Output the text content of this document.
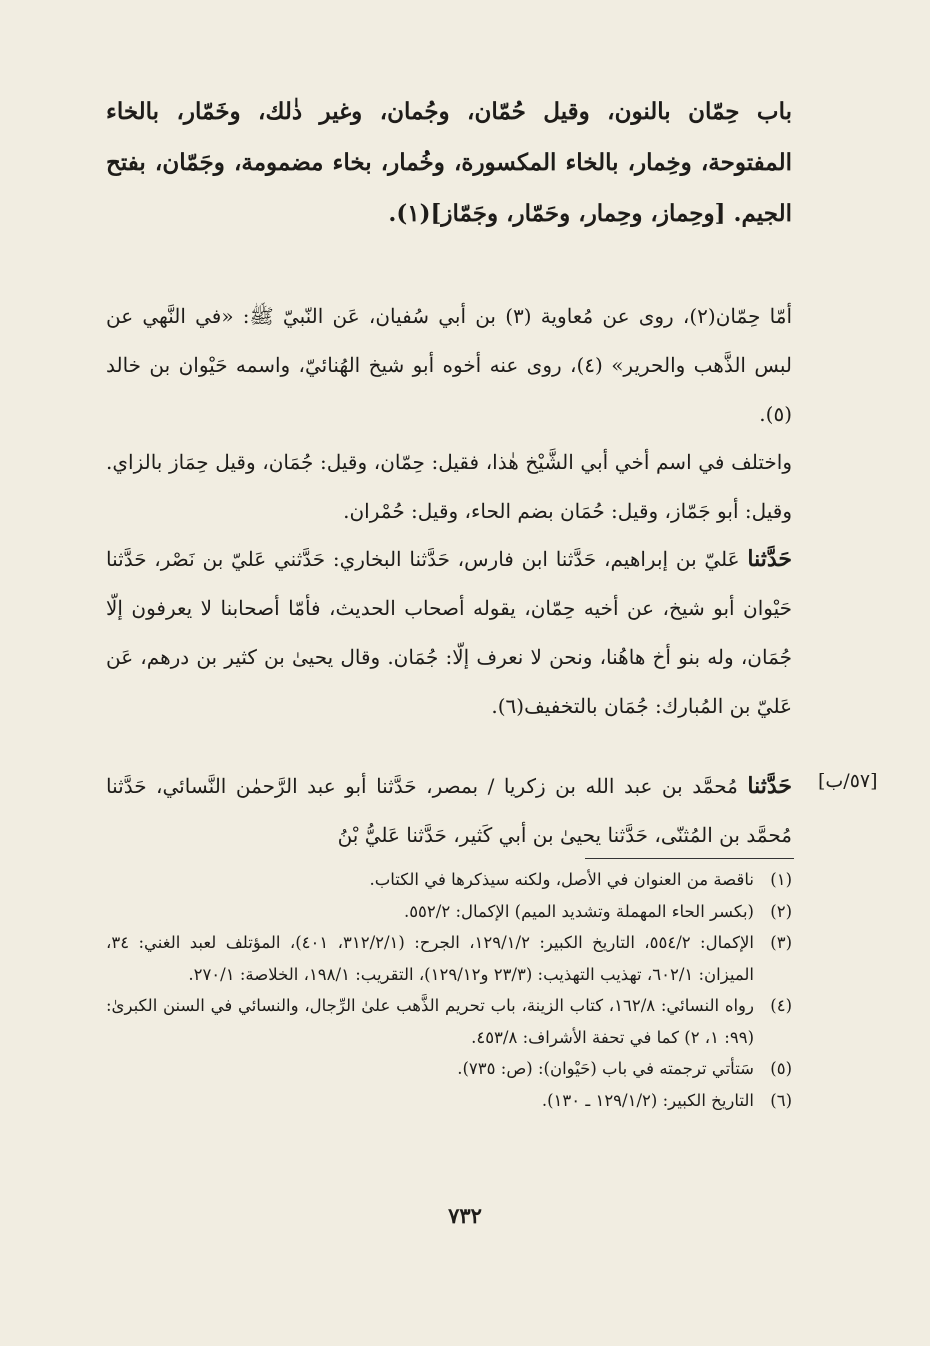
باب حِمّان بالنون، وقيل حُمّان، وجُمان، وغير ذٰلك، وخَمّار، بالخاء المفتوحة، وخِمار، بالخاء المكسورة، وخُمار، بخاء مضمومة، وجَمّان، بفتح الجيم. [وحِماز، وحِمار، وحَمّار، وجَمّاز](١).
أمّا حِمّان(٢)، روى عن مُعاوية (٣) بن أبي سُفيان، عَن النّبيّ ﷺ: «في النَّهي عن لبس الذَّهب والحرير» (٤)، روى عنه أخوه أبو شيخ الهُنائيّ، واسمه حَيْوان بن خالد (٥).
واختلف في اسم أخي أبي الشَّيْخ هٰذا، فقيل: حِمّان، وقيل: جُمَان، وقيل حِمَاز بالزاي. وقيل: أبو جَمّاز، وقيل: حُمَان بضم الحاء، وقيل: حُمْران.
حَدَّثنا عَليّ بن إبراهيم، حَدَّثنا ابن فارس، حَدَّثنا البخاري: حَدَّثني عَليّ بن نَصْر، حَدَّثنا حَيْوان أبو شيخ، عن أخيه حِمّان، يقوله أصحاب الحديث، فأمّا أصحابنا لا يعرفون إلّا جُمَان، وله بنو أخ هاهُنا، ونحن لا نعرف إلّا: جُمَان. وقال يحيىٰ بن كثير بن درهم، عَن عَليّ بن المُبارك: جُمَان بالتخفيف(٦).
حَدَّثنا مُحمَّد بن عبد الله بن زكريا / بمصر، حَدَّثنا أبو عبد الرَّحمٰن النَّسائي، حَدَّثنا مُحمَّد بن المُثنّى، حَدَّثنا يحيىٰ بن أبي كَثير، حَدَّثنا عَليُّ بْنُ
[٥٧/ب]
(١)
ناقصة من العنوان في الأصل، ولكنه سيذكرها في الكتاب.
(٢)
(بكسر الحاء المهملة وتشديد الميم) الإكمال: ٥٥٢/٢.
(٣)
الإكمال: ٥٥٤/٢، التاريخ الكبير: ١٢٩/١/٢، الجرح: (٣١٢/٢/١، ٤٠١)، المؤتلف لعبد الغني: ٣٤، الميزان: ٦٠٢/١، تهذيب التهذيب: (٢٣/٣ و١٢٩/١٢)، التقريب: ١٩٨/١، الخلاصة: ٢٧٠/١.
(٤)
رواه النسائي: ١٦٢/٨، كتاب الزينة، باب تحريم الذَّهب علىٰ الرِّجال، والنسائي في السنن الكبرىٰ: (٩٩: ١، ٢) كما في تحفة الأشراف: ٤٥٣/٨.
(٥)
سَتأتي ترجمته في باب (حَيْوان): (ص: ٧٣٥).
(٦)
التاريخ الكبير: (١٢٩/١/٢ ـ ١٣٠).
٧٣٢
